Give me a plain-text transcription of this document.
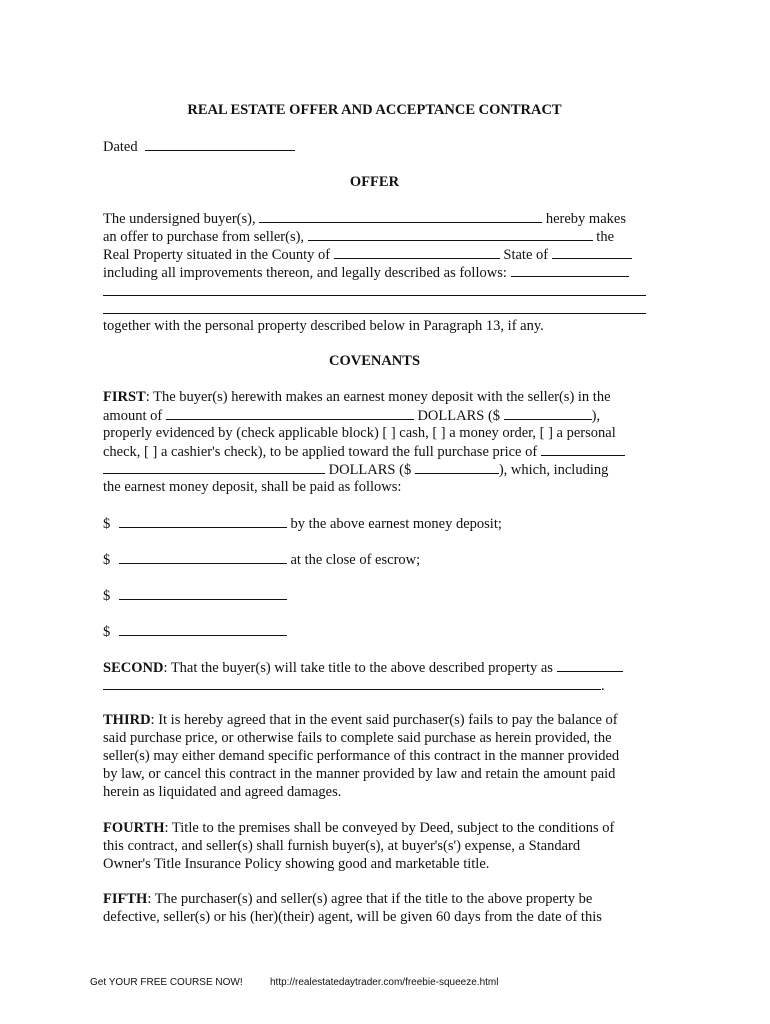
REAL ESTATE OFFER AND ACCEPTANCE CONTRACT
Dated
OFFER
The undersigned buyer(s),	hereby makes
an offer to purchase from seller(s),	the
Real Property situated in the County of	State of
including all improvements thereon, and legally described as follows:
together with the personal property described below in Paragraph 13, if any.
COVENANTS
FIRST: The buyer(s) herewith makes an earnest money deposit with the seller(s) in the
amount of	DOLLARS ($	),
properly evidenced by (check applicable block) [ ] cash, [ ] a money order, [ ] a personal
check, [ ] a cashier's check), to be applied toward the full purchase price of
DOLLARS ($	), which, including
the earnest money deposit, shall be paid as follows:
$	by the above earnest money deposit;
$	at the close of escrow;
$
$
SECOND: That the buyer(s) will take title to the above described property as
.
THIRD: It is hereby agreed that in the event said purchaser(s) fails to pay the balance of
said purchase price, or otherwise fails to complete said purchase as herein provided, the
seller(s) may either demand specific performance of this contract in the manner provided
by law, or cancel this contract in the manner provided by law and retain the amount paid
herein as liquidated and agreed damages.
FOURTH: Title to the premises shall be conveyed by Deed, subject to the conditions of
this contract, and seller(s) shall furnish buyer(s), at buyer's(s') expense, a Standard
Owner's Title Insurance Policy showing good and marketable title.
FIFTH: The purchaser(s) and seller(s) agree that if the title to the above property be
defective, seller(s) or his (her)(their) agent, will be given 60 days from the date of this
Get YOUR FREE COURSE NOW!	http://realestatedaytrader.com/freebie-squeeze.html
